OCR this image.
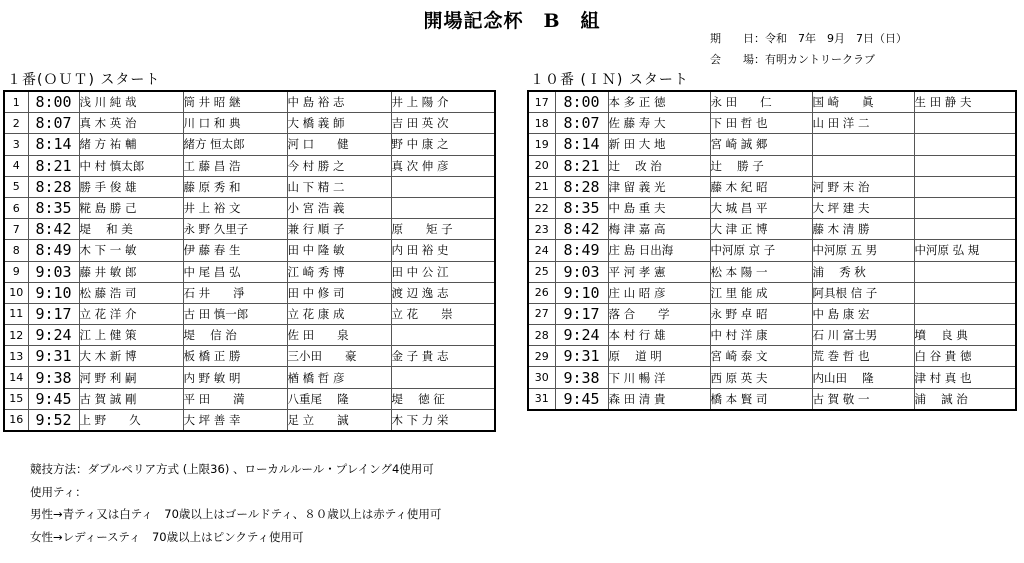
開場記念杯　B　組
期　　日：令和　7年　9月　7日（日）
会　　場：有明カントリークラブ
１番(ＯＵＴ) スタート	１０番 (ＩＮ) スタート
1	8:00	浅 川 純 哉	筒 井 昭 継	中 島 裕 志	井 上 陽 介
2	8:07	真 木 英 治	川 口 和 典	大 橋 義 師	吉 田 英 次
3	8:14	緒 方 祐 輔	緒方 恒太郎	河 口　　健	野 中 康 之
4	8:21	中 村 慎太郎	工 藤 昌 浩	今 村 勝 之	真 次 伸 彦
5	8:28	勝 手 俊 雄	藤 原 秀 和	山 下 精 二	
6	8:35	糀 島 勝 己	井 上 裕 文	小 宮 浩 義	
7	8:42	堤　 和 美	永 野 久里子	兼 行 順 子	原　　矩 子
8	8:49	木 下 一 敏	伊 藤 春 生	田 中 隆 敏	内 田 裕 史
9	9:03	藤 井 敏 郎	中 尾 昌 弘	江 崎 秀 博	田 中 公 江
10	9:10	松 藤 浩 司	石 井　　淨	田 中 修 司	渡 辺 逸 志
11	9:17	立 花 洋 介	古 田 慎一郎	立 花 康 成	立 花　　崇
12	9:24	江 上 健 策	堤　 信 治	佐 田　　泉	
13	9:31	大 木 新 博	板 橋 正 勝	三小田　　豪	金 子 貴 志
14	9:38	河 野 利 嗣	内 野 敏 明	楢 橋 哲 彦	
15	9:45	古 賀 誠 剛	平 田　　満	八重尾　 隆	堤　 徳 征
16	9:52	上 野　　久	大 坪 善 幸	足 立　　誠	木 下 力 栄
17	8:00	本 多 正 徳	永 田　　仁	国 崎　　眞	生 田 静 夫
18	8:07	佐 藤 寿 大	下 田 哲 也	山 田 洋 二	
19	8:14	新 田 大 地	宮 崎 誠 郷		
20	8:21	辻　 改 治	辻　 勝 子		
21	8:28	津 留 義 光	藤 木 紀 昭	河 野 末 治	
22	8:35	中 島 重 夫	大 城 昌 平	大 坪 建 夫	
23	8:42	梅 津 嘉 高	大 津 正 博	藤 木 清 勝	
24	8:49	庄 島 日出海	中河原 京 子	中河原 五 男	中河原 弘 規
25	9:03	平 河 孝 憲	松 本 陽 一	浦　 秀 秋	
26	9:10	庄 山 昭 彦	江 里 能 成	阿具根 信 子	
27	9:17	落 合　　学	永 野 卓 昭	中 島 康 宏	
28	9:24	本 村 行 雄	中 村 洋 康	石 川 富士男	墳　 良 典
29	9:31	原　 道 明	宮 崎 泰 文	荒 巻 哲 也	白 谷 貴 徳
30	9:38	下 川 暢 洋	西 原 英 夫	内山田　 隆	津 村 真 也
31	9:45	森 田 清 貴	橋 本 賢 司	古 賀 敬 一	浦　 誠 治
競技方法：ダブルペリア方式 (上限36) 、ローカルルール・プレイング4使用可
使用ティ：
男性→青ティ又は白ティ　70歳以上はゴールドティ、８０歳以上は赤ティ使用可
女性→レディースティ　70歳以上はピンクティ使用可
